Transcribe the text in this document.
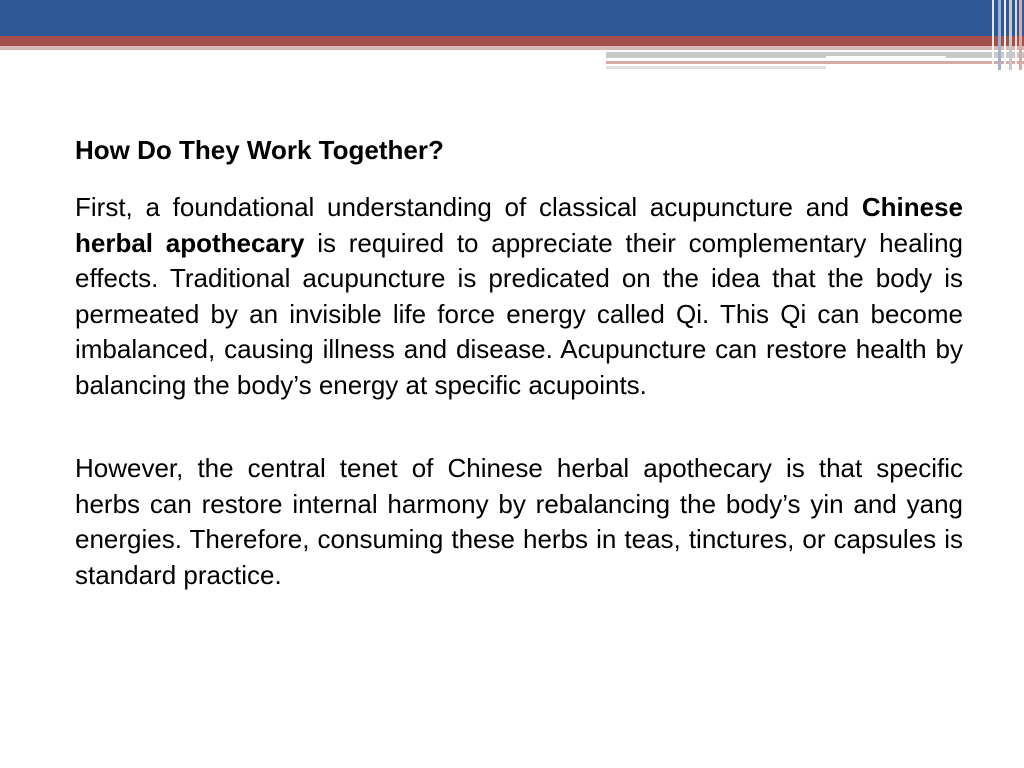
How Do They Work Together?

First, a foundational understanding of classical acupuncture and Chinese herbal apothecary is required to appreciate their complementary healing effects. Traditional acupuncture is predicated on the idea that the body is permeated by an invisible life force energy called Qi. This Qi can become imbalanced, causing illness and disease. Acupuncture can restore health by balancing the body’s energy at specific acupoints.

However, the central tenet of Chinese herbal apothecary is that specific herbs can restore internal harmony by rebalancing the body’s yin and yang energies. Therefore, consuming these herbs in teas, tinctures, or capsules is standard practice.
